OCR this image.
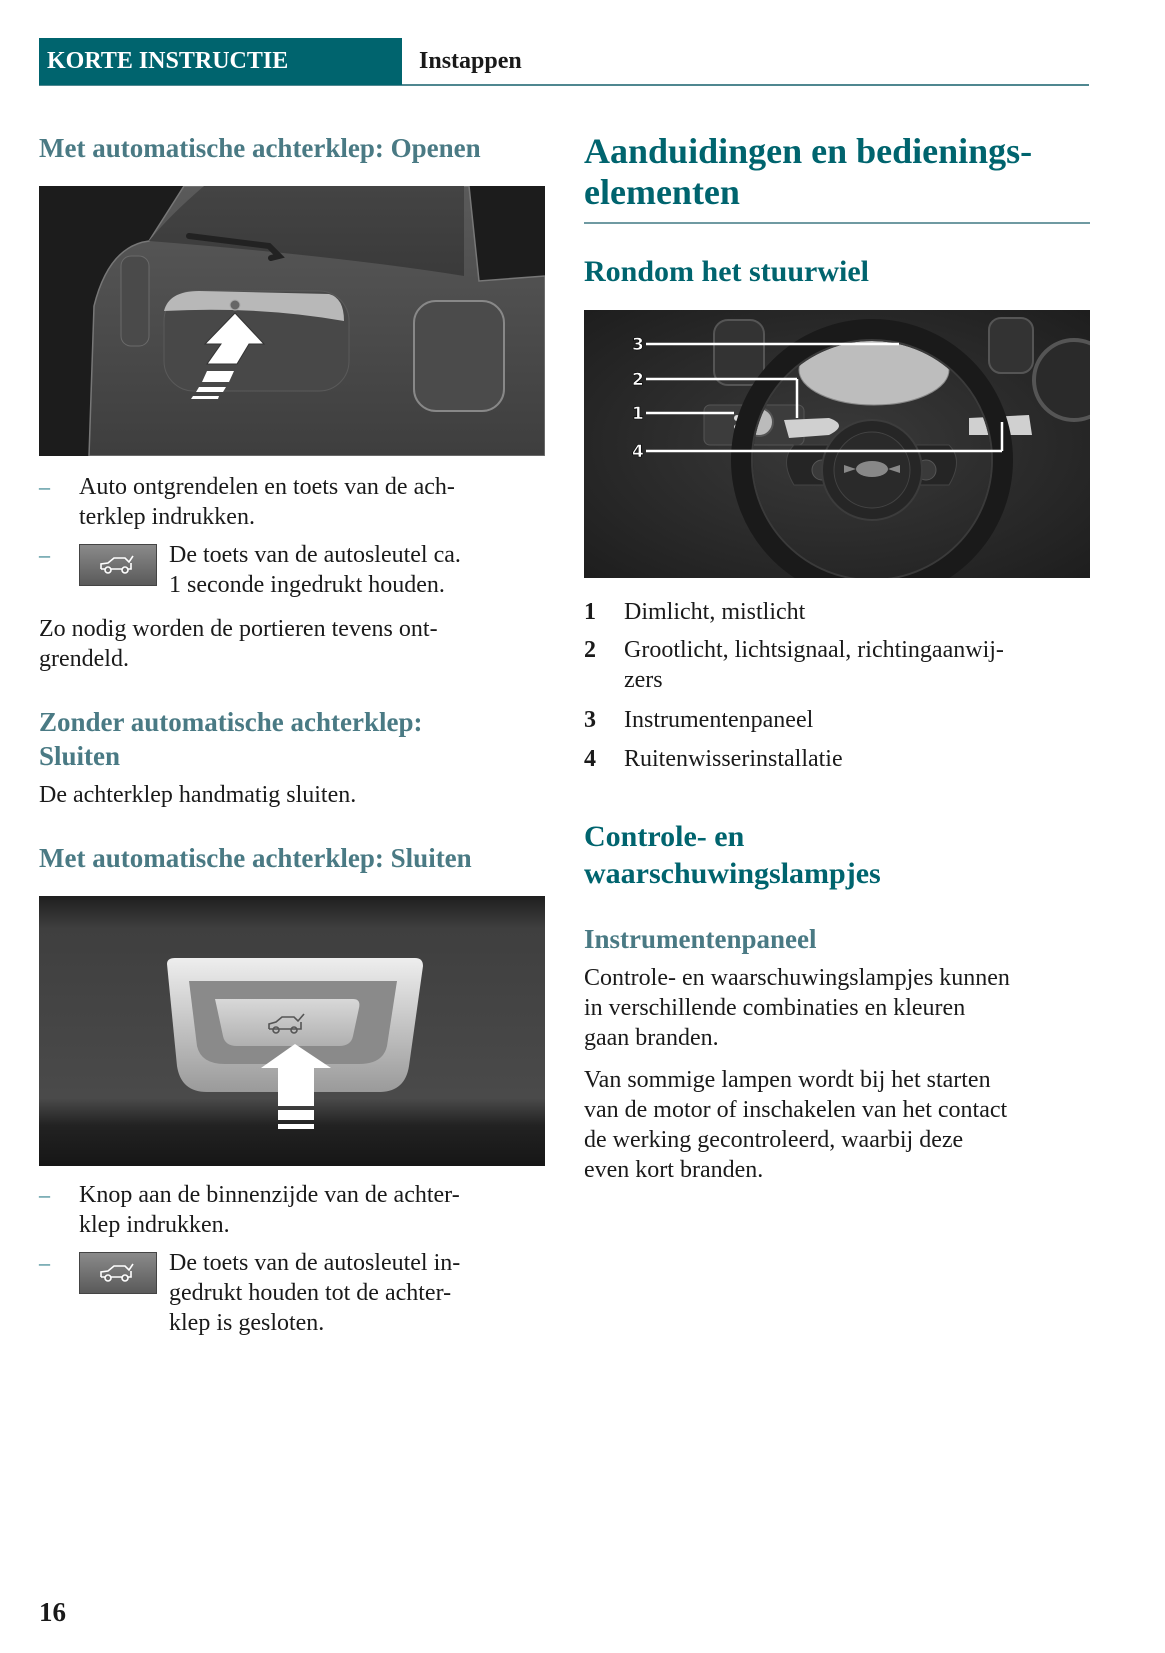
KORTE INSTRUCTIE	Instappen
Met automatische achterklep: Openen
–	Auto ontgrendelen en toets van de ach-
terklep indrukken.
–	De toets van de autosleutel ca.
1 seconde ingedrukt houden.
Zo nodig worden de portieren tevens ont-
grendeld.
Zonder automatische achterklep:
Sluiten
De achterklep handmatig sluiten.
Met automatische achterklep: Sluiten
–	Knop aan de binnenzijde van de achter-
klep indrukken.
–	De toets van de autosleutel in-
gedrukt houden tot de achter-
klep is gesloten.
Aanduidingen en bedienings-
elementen
Rondom het stuurwiel
3
2
1
4
1	Dimlicht, mistlicht
2	Grootlicht, lichtsignaal, richtingaanwij-
zers
3	Instrumentenpaneel
4	Ruitenwisserinstallatie
Controle- en
waarschuwingslampjes
Instrumentenpaneel
Controle- en waarschuwingslampjes kunnen
in verschillende combinaties en kleuren
gaan branden.
Van sommige lampen wordt bij het starten
van de motor of inschakelen van het contact
de werking gecontroleerd, waarbij deze
even kort branden.
16
